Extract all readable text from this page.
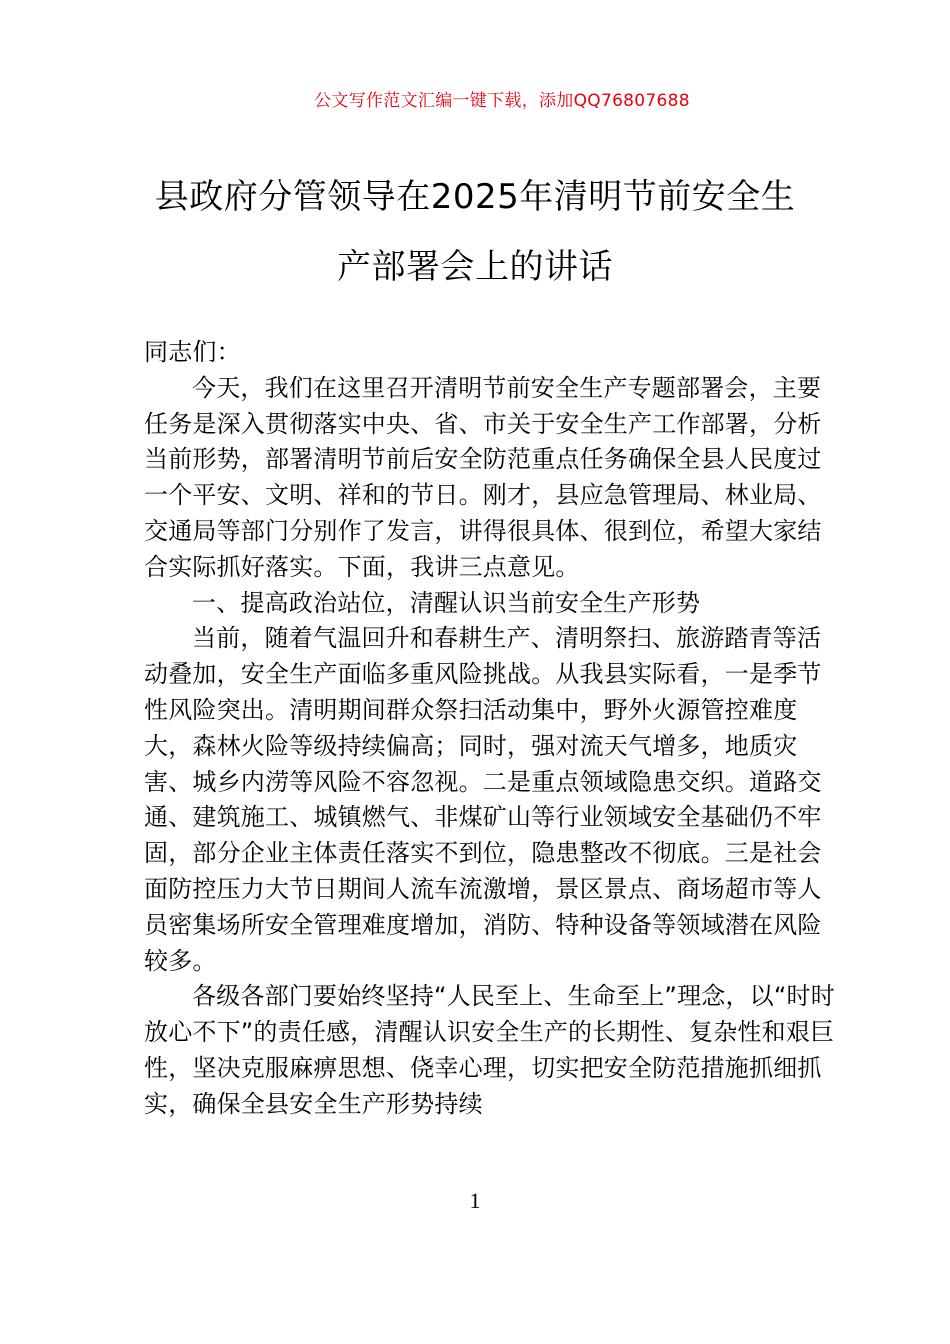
公文写作范文汇编一键下载，添加QQ76807688
县政府分管领导在2025年清明节前安全生
产部署会上的讲话

同志们：

今天，我们在这里召开清明节前安全生产专题部署会，主要任务是深入贯彻落实中央、省、市关于安全生产工作部署，分析当前形势，部署清明节前后安全防范重点任务确保全县人民度过一个平安、文明、祥和的节日。刚才，县应急管理局、林业局、交通局等部门分别作了发言，讲得很具体、很到位，希望大家结合实际抓好落实。下面，我讲三点意见。

一、提高政治站位，清醒认识当前安全生产形势

当前，随着气温回升和春耕生产、清明祭扫、旅游踏青等活动叠加，安全生产面临多重风险挑战。从我县实际看，一是季节性风险突出。清明期间群众祭扫活动集中，野外火源管控难度大，森林火险等级持续偏高；同时，强对流天气增多，地质灾害、城乡内涝等风险不容忽视。二是重点领域隐患交织。道路交通、建筑施工、城镇燃气、非煤矿山等行业领域安全基础仍不牢固，部分企业主体责任落实不到位，隐患整改不彻底。三是社会面防控压力大节日期间人流车流激增，景区景点、商场超市等人员密集场所安全管理难度增加，消防、特种设备等领域潜在风险较多。

各级各部门要始终坚持“人民至上、生命至上”理念，以“时时放心不下”的责任感，清醒认识安全生产的长期性、复杂性和艰巨性，坚决克服麻痹思想、侥幸心理，切实把安全防范措施抓细抓实，确保全县安全生产形势持续

1
